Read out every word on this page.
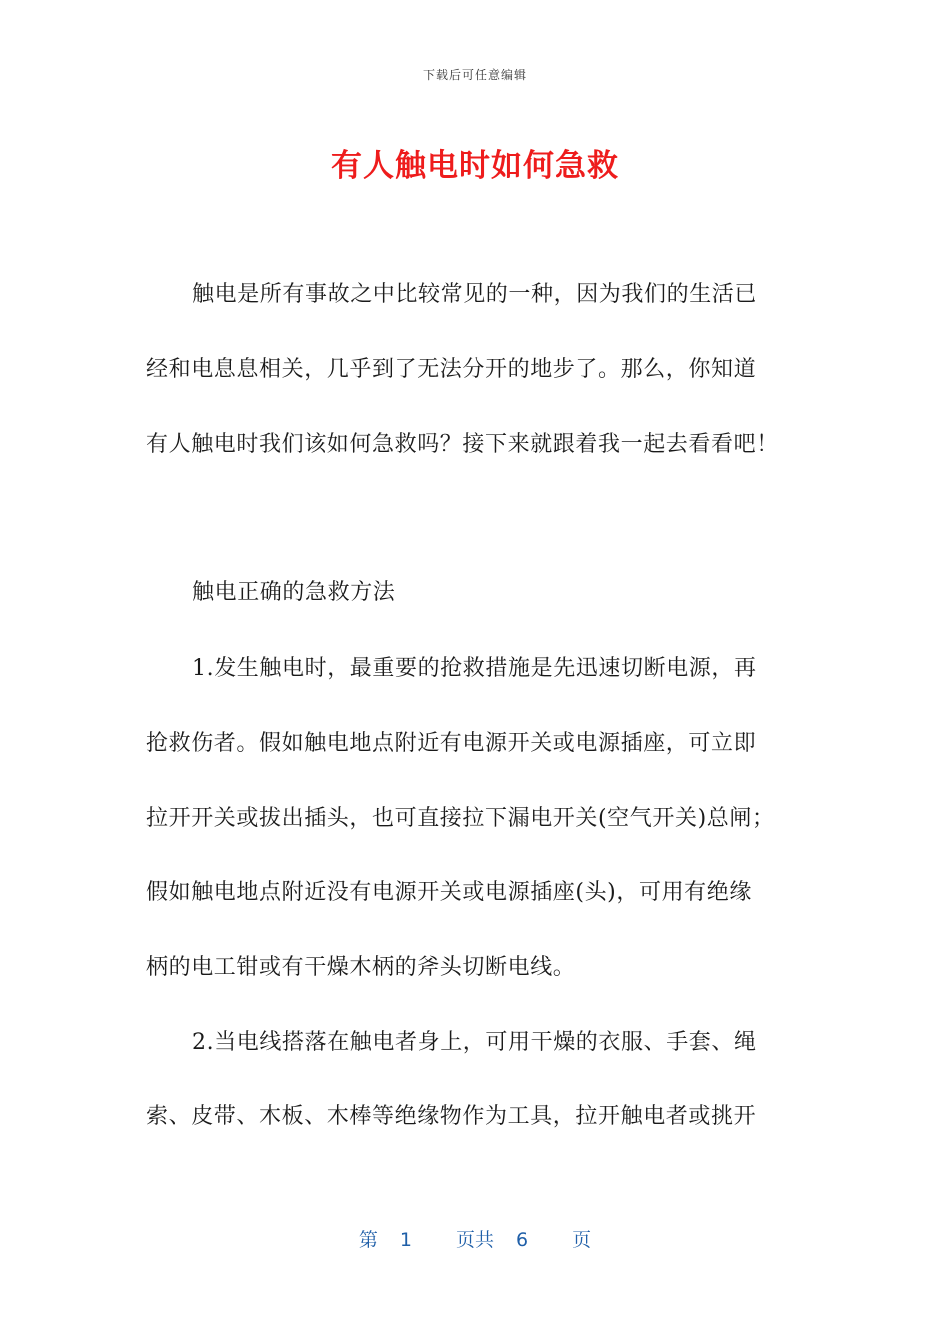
下载后可任意编辑
有人触电时如何急救
触电是所有事故之中比较常见的一种，因为我们的生活已
经和电息息相关，几乎到了无法分开的地步了。那么，你知道
有人触电时我们该如何急救吗？接下来就跟着我一起去看看吧！
触电正确的急救方法
1.发生触电时，最重要的抢救措施是先迅速切断电源，再
抢救伤者。假如触电地点附近有电源开关或电源插座，可立即
拉开开关或拔出插头，也可直接拉下漏电开关(空气开关)总闸；
假如触电地点附近没有电源开关或电源插座(头)，可用有绝缘
柄的电工钳或有干燥木柄的斧头切断电线。
2.当电线搭落在触电者身上，可用干燥的衣服、手套、绳
索、皮带、木板、木棒等绝缘物作为工具，拉开触电者或挑开
第 1 页共 6 页
